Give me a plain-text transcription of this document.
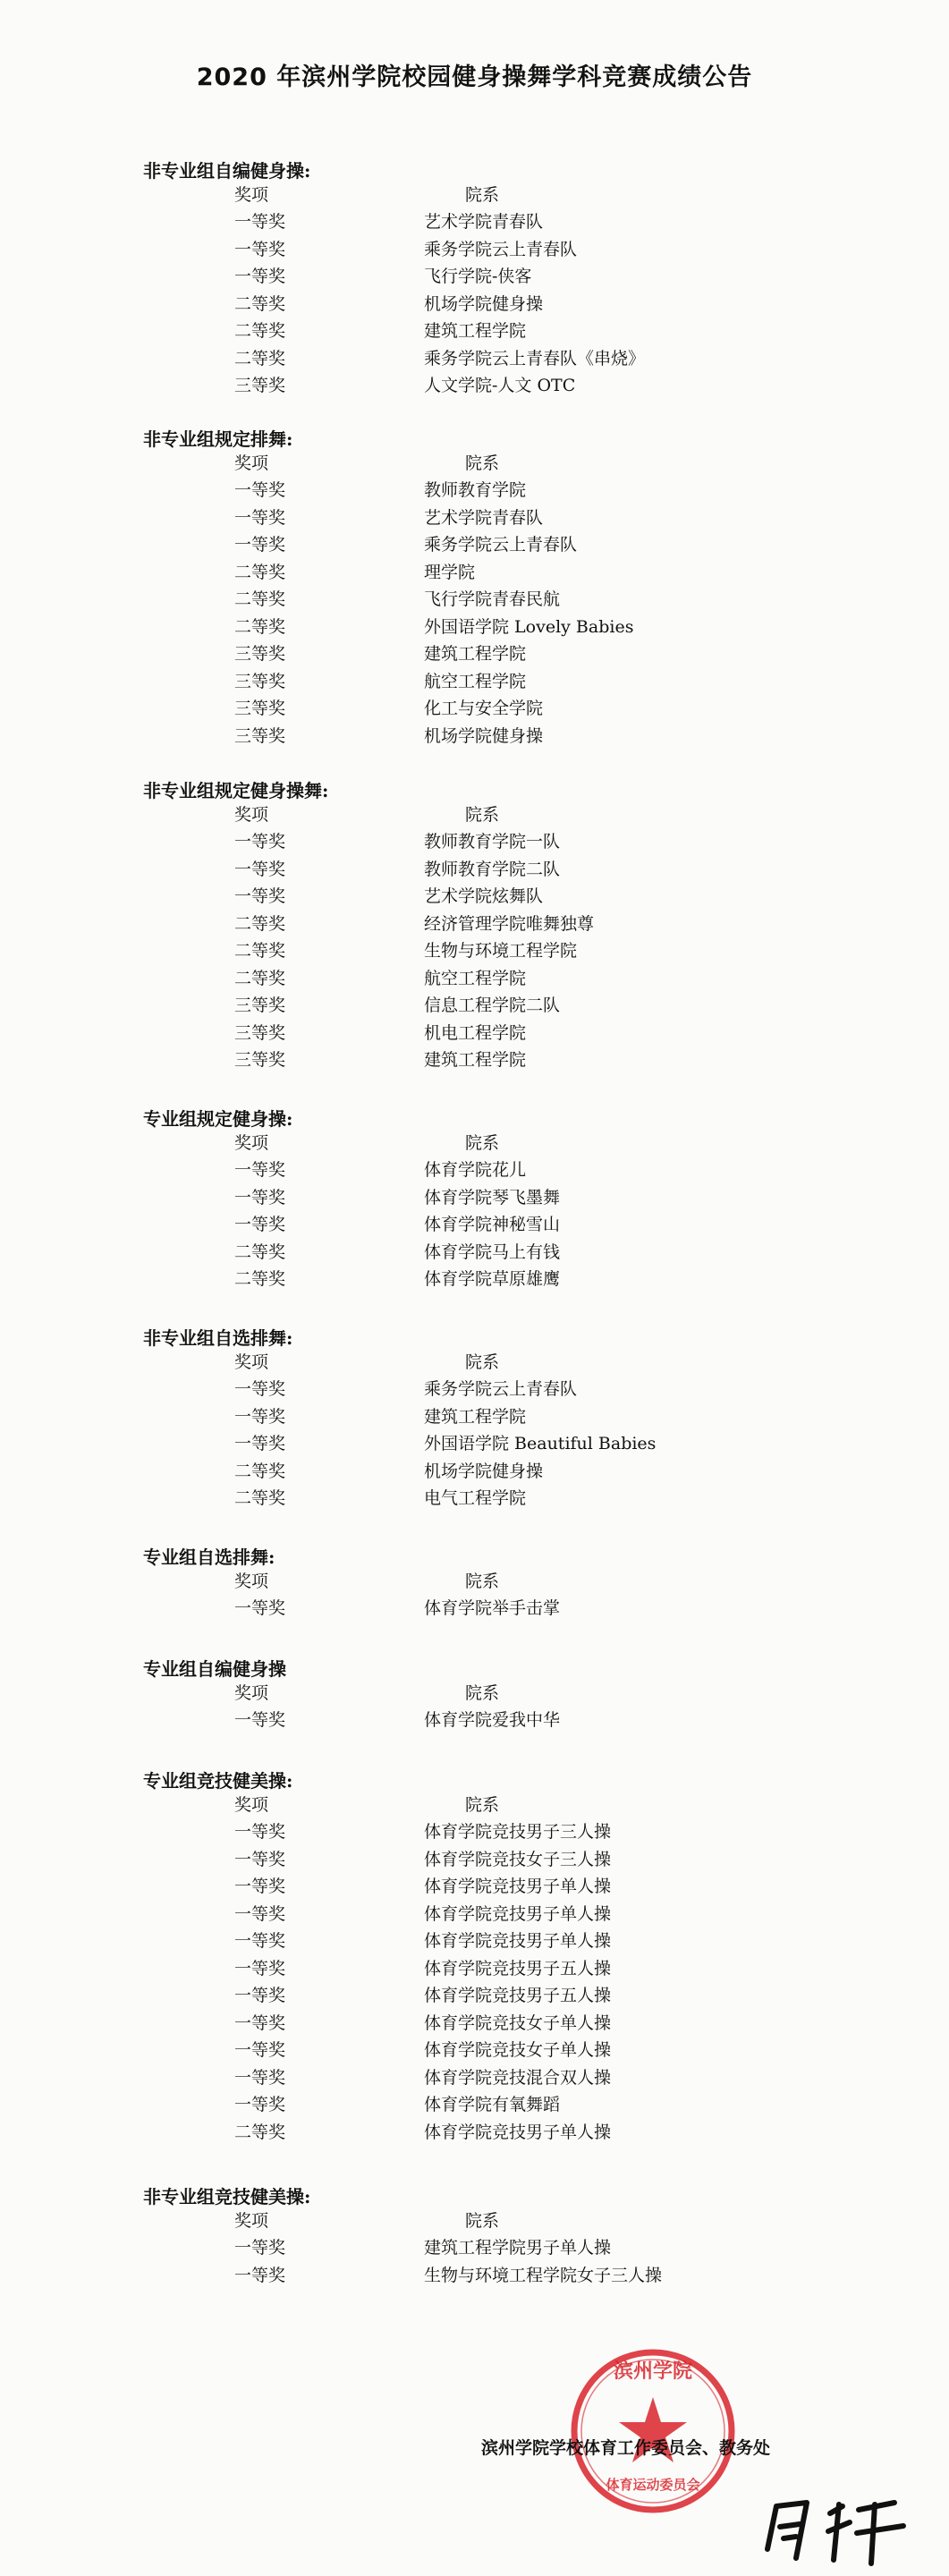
2020 年滨州学院校园健身操舞学科竞赛成绩公告
非专业组自编健身操:
奖项	院系
一等奖	艺术学院青春队
一等奖	乘务学院云上青春队
一等奖	飞行学院-侠客
二等奖	机场学院健身操
二等奖	建筑工程学院
二等奖	乘务学院云上青春队《串烧》
三等奖	人文学院-人文 OTC
非专业组规定排舞:
奖项	院系
一等奖	教师教育学院
一等奖	艺术学院青春队
一等奖	乘务学院云上青春队
二等奖	理学院
二等奖	飞行学院青春民航
二等奖	外国语学院 Lovely Babies
三等奖	建筑工程学院
三等奖	航空工程学院
三等奖	化工与安全学院
三等奖	机场学院健身操
非专业组规定健身操舞:
奖项	院系
一等奖	教师教育学院一队
一等奖	教师教育学院二队
一等奖	艺术学院炫舞队
二等奖	经济管理学院唯舞独尊
二等奖	生物与环境工程学院
二等奖	航空工程学院
三等奖	信息工程学院二队
三等奖	机电工程学院
三等奖	建筑工程学院
专业组规定健身操:
奖项	院系
一等奖	体育学院花儿
一等奖	体育学院琴飞墨舞
一等奖	体育学院神秘雪山
二等奖	体育学院马上有钱
二等奖	体育学院草原雄鹰
非专业组自选排舞:
奖项	院系
一等奖	乘务学院云上青春队
一等奖	建筑工程学院
一等奖	外国语学院 Beautiful Babies
二等奖	机场学院健身操
二等奖	电气工程学院
专业组自选排舞:
奖项	院系
一等奖	体育学院举手击掌
专业组自编健身操
奖项	院系
一等奖	体育学院爱我中华
专业组竞技健美操:
奖项	院系
一等奖	体育学院竞技男子三人操
一等奖	体育学院竞技女子三人操
一等奖	体育学院竞技男子单人操
一等奖	体育学院竞技男子单人操
一等奖	体育学院竞技男子单人操
一等奖	体育学院竞技男子五人操
一等奖	体育学院竞技男子五人操
一等奖	体育学院竞技女子单人操
一等奖	体育学院竞技女子单人操
一等奖	体育学院竞技混合双人操
一等奖	体育学院有氧舞蹈
二等奖	体育学院竞技男子单人操
非专业组竞技健美操:
奖项	院系
一等奖	建筑工程学院男子单人操
一等奖	生物与环境工程学院女子三人操
滨州学院
体育运动委员会
滨州学院学校体育工作委员会、教务处
